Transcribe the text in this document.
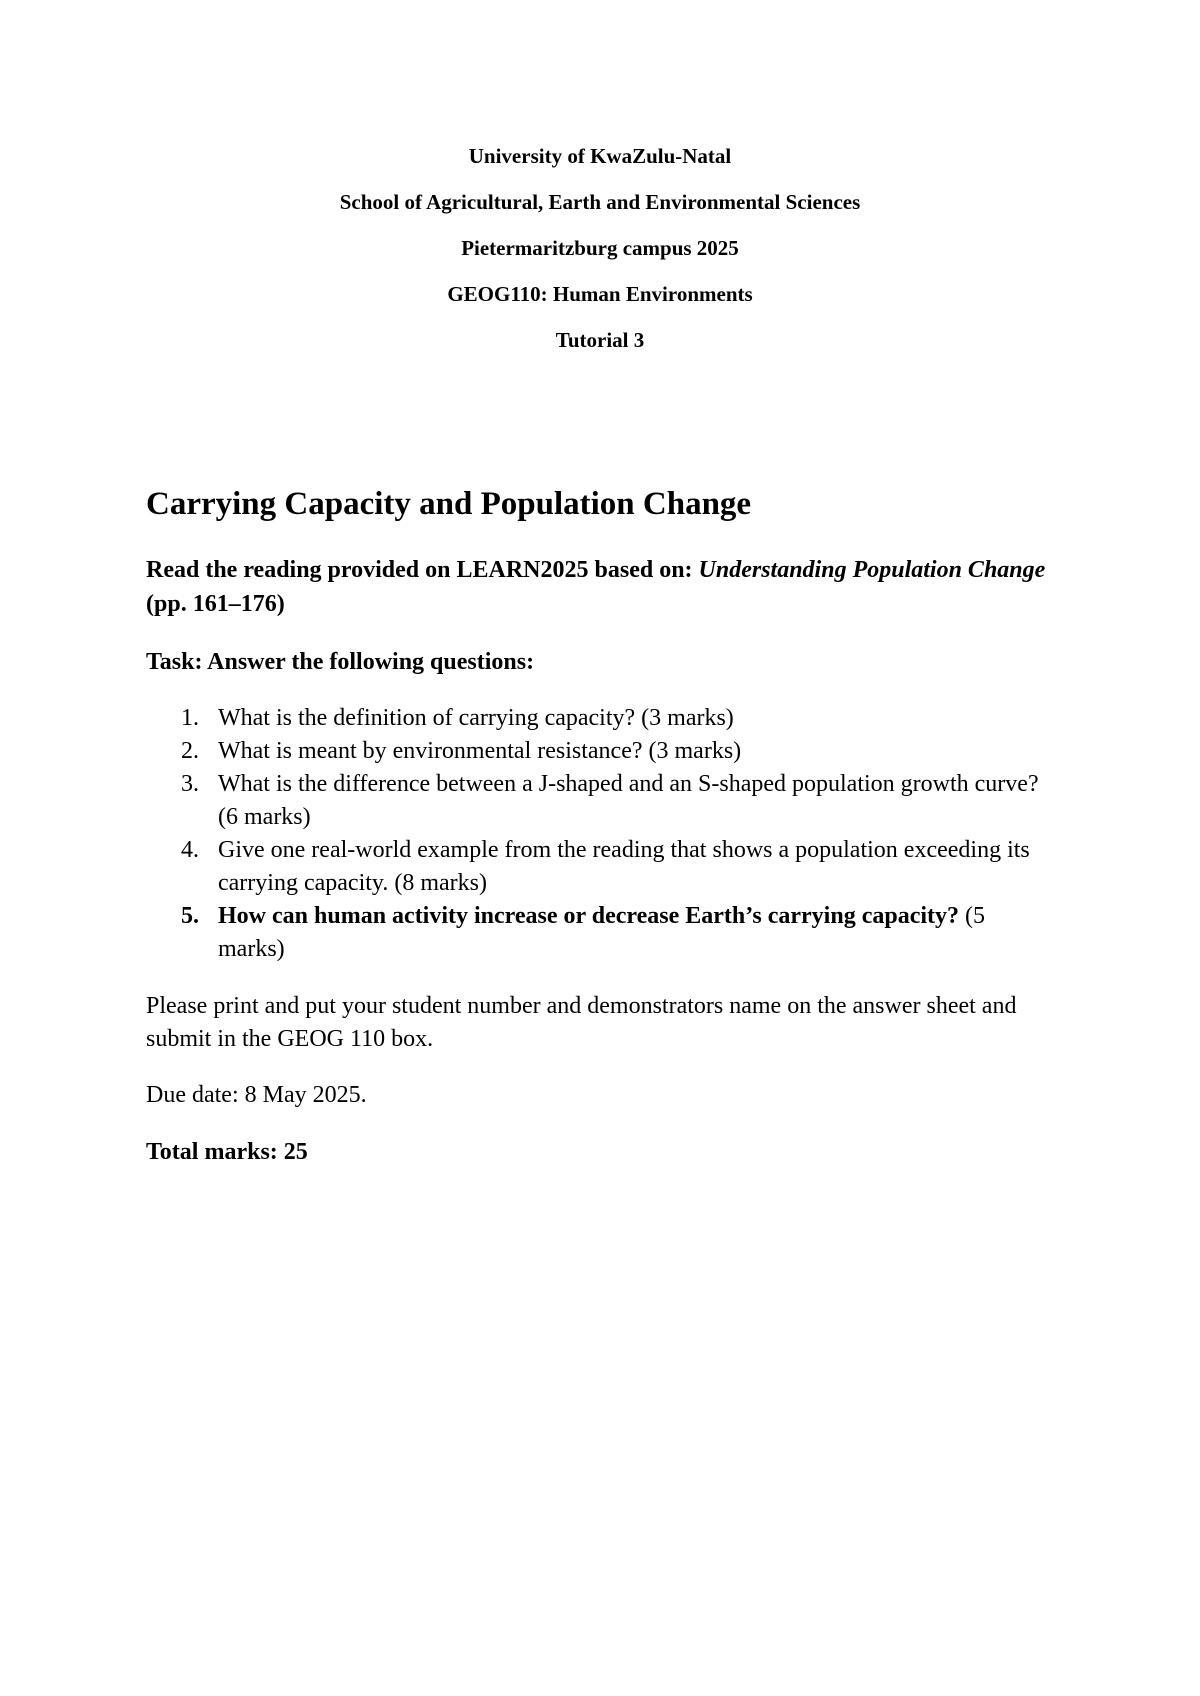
University of KwaZulu-Natal

School of Agricultural, Earth and Environmental Sciences

Pietermaritzburg campus 2025

GEOG110: Human Environments

Tutorial 3

Carrying Capacity and Population Change

Read the reading provided on LEARN2025 based on: Understanding Population Change (pp. 161–176)

Task: Answer the following questions:

1. What is the definition of carrying capacity? (3 marks)
2. What is meant by environmental resistance? (3 marks)
3. What is the difference between a J-shaped and an S-shaped population growth curve? (6 marks)
4. Give one real-world example from the reading that shows a population exceeding its carrying capacity. (8 marks)
5. How can human activity increase or decrease Earth’s carrying capacity? (5 marks)

Please print and put your student number and demonstrators name on the answer sheet and submit in the GEOG 110 box.

Due date: 8 May 2025.

Total marks: 25
